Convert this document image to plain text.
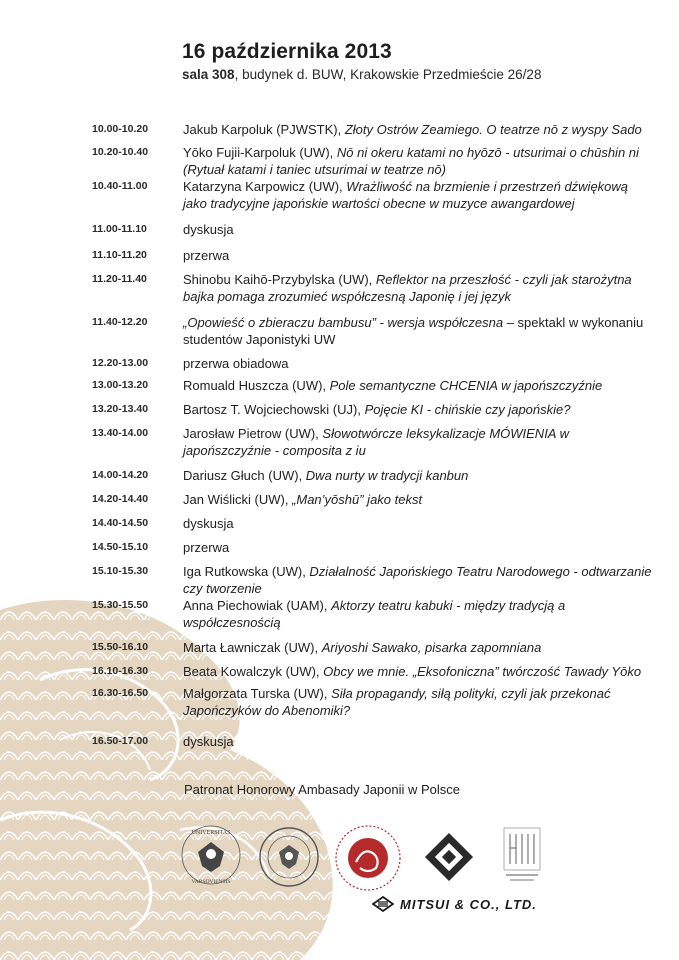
16 października 2013
sala 308, budynek d. BUW, Krakowskie Przedmieście 26/28
10.00-10.20	Jakub Karpoluk (PJWSTK), Złoty Ostrów Zeamiego. O teatrze nō z wyspy Sado
10.20-10.40	Yōko Fujii-Karpoluk (UW), Nō ni okeru katami no hyōzō - utsurimai o chūshin ni (Rytuał katami i taniec utsurimai w teatrze nō)
10.40-11.00	Katarzyna Karpowicz (UW), Wrażliwość na brzmienie i przestrzeń dźwiękową jako tradycyjne japońskie wartości obecne w muzyce awangardowej
11.00-11.10	dyskusja
11.10-11.20	przerwa
11.20-11.40	Shinobu Kaihō-Przybylska (UW), Reflektor na przeszłość - czyli jak starożytna bajka pomaga zrozumieć współczesną Japonię i jej język
11.40-12.20	„Opowieść o zbieraczu bambusu” - wersja współczesna – spektakl w wykonaniu studentów Japonistyki UW
12.20-13.00	przerwa obiadowa
13.00-13.20	Romuald Huszcza (UW), Pole semantyczne CHCENIA w japońszczyźnie
13.20-13.40	Bartosz T. Wojciechowski (UJ), Pojęcie KI - chińskie czy japońskie?
13.40-14.00	Jarosław Pietrow (UW), Słowotwórcze leksykalizacje MÓWIENIA w japońszczyźnie - composita z iu
14.00-14.20	Dariusz Głuch (UW), Dwa nurty w tradycji kanbun
14.20-14.40	Jan Wiślicki (UW), „Man’yōshū” jako tekst
14.40-14.50	dyskusja
14.50-15.10	przerwa
15.10-15.30	Iga Rutkowska (UW), Działalność Japońskiego Teatru Narodowego - odtwarzanie czy tworzenie
15.30-15.50	Anna Piechowiak (UAM), Aktorzy teatru kabuki - między tradycją a współczesnością
15.50-16.10	Marta Ławniczak (UW), Ariyoshi Sawako, pisarka zapomniana
16.10-16.30	Beata Kowalczyk (UW), Obcy we mnie. „Eksofoniczna” twórczość Tawady Yōko
16.30-16.50	Małgorzata Turska (UW), Siła propagandy, siłą polityki, czyli jak przekonać Japończyków do Abenomiki?
16.50-17.00	dyskusja
Patronat Honorowy Ambasady Japonii w Polsce
UNIVERSITAS
VARSOVIENSIS
MITSUI & CO., LTD.
